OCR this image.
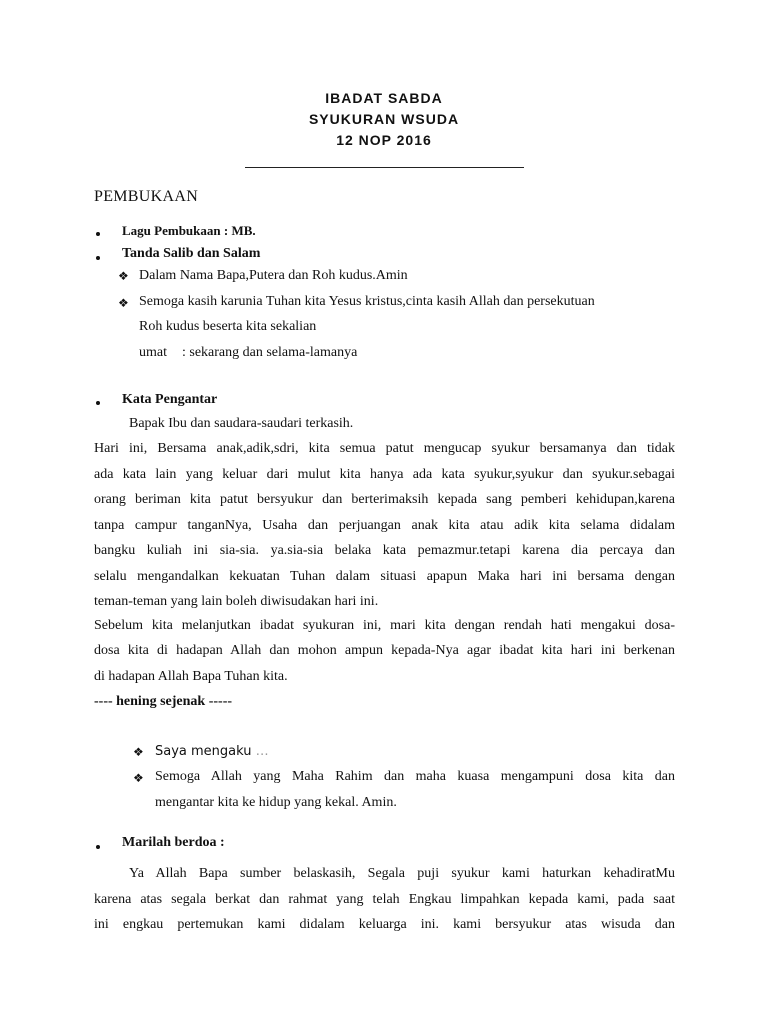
IBADAT SABDA
SYUKURAN WSUDA
12 NOP 2016
PEMBUKAAN
Lagu Pembukaan : MB.
Tanda Salib dan Salam
❖ Dalam Nama Bapa,Putera dan Roh kudus.Amin
❖ Semoga kasih karunia Tuhan kita Yesus kristus,cinta kasih Allah dan persekutuan
Roh kudus beserta kita sekalian
umat : sekarang dan selama-lamanya
Kata Pengantar
Bapak Ibu dan saudara-saudari terkasih.
Hari ini, Bersama anak,adik,sdri, kita semua patut mengucap syukur bersamanya dan tidak
ada kata lain yang keluar dari mulut kita hanya ada kata syukur,syukur dan syukur.sebagai
orang beriman kita patut bersyukur dan berterimaksih kepada sang pemberi kehidupan,karena
tanpa campur tanganNya, Usaha dan perjuangan anak kita atau adik kita selama didalam
bangku kuliah ini sia-sia. ya.sia-sia belaka kata pemazmur.tetapi karena dia percaya dan
selalu mengandalkan kekuatan Tuhan dalam situasi apapun Maka hari ini bersama dengan
teman-teman yang lain boleh diwisudakan hari ini.
Sebelum kita melanjutkan ibadat syukuran ini, mari kita dengan rendah hati mengakui dosa-
dosa kita di hadapan Allah dan mohon ampun kepada-Nya agar ibadat kita hari ini berkenan
di hadapan Allah Bapa Tuhan kita.
---- hening sejenak -----
❖ Saya mengaku …
❖ Semoga Allah yang Maha Rahim dan maha kuasa mengampuni dosa kita dan
mengantar kita ke hidup yang kekal. Amin.
Marilah berdoa :
Ya Allah Bapa sumber belaskasih, Segala puji syukur kami haturkan kehadiratMu
karena atas segala berkat dan rahmat yang telah Engkau limpahkan kepada kami, pada saat
ini engkau pertemukan kami didalam keluarga ini. kami bersyukur atas wisuda dan
